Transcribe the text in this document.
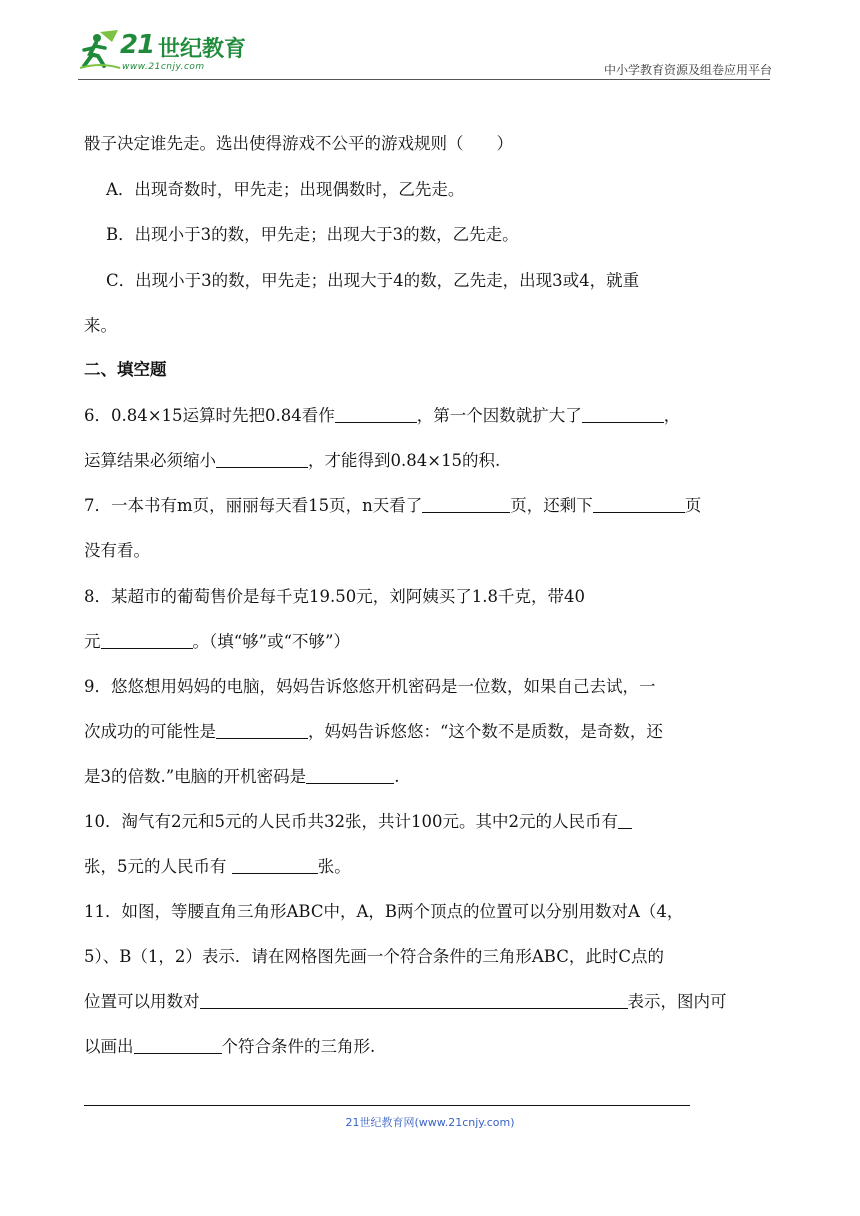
21 世纪教育
www.21cnjy.com	中小学教育资源及组卷应用平台
骰子决定谁先走。选出使得游戏不公平的游戏规则（　　）
A．出现奇数时，甲先走；出现偶数时，乙先走。
B．出现小于3的数，甲先走；出现大于3的数，乙先走。
C．出现小于3的数，甲先走；出现大于4的数，乙先走，出现3或4，就重
来。
二、填空题
6．0.84×15运算时先把0.84看作	，第一个因数就扩大了	，
运算结果必须缩小	，才能得到0.84×15的积.
7．一本书有m页，丽丽每天看15页，n天看了	页，还剩下	页
没有看。
8．某超市的葡萄售价是每千克19.50元，刘阿姨买了1.8千克，带40
元	。（填“够”或“不够”）
9．悠悠想用妈妈的电脑，妈妈告诉悠悠开机密码是一位数，如果自己去试，一
次成功的可能性是	，妈妈告诉悠悠：“这个数不是质数，是奇数，还
是3的倍数.”电脑的开机密码是	.
10．淘气有2元和5元的人民币共32张，共计100元。其中2元的人民币有
张，5元的人民币有	张。
11．如图，等腰直角三角形ABC中，A，B两个顶点的位置可以分别用数对A（4，
5）、B（1，2）表示．请在网格图先画一个符合条件的三角形ABC，此时C点的
位置可以用数对	表示，图内可
以画出	个符合条件的三角形.
21世纪教育网(www.21cnjy.com)
